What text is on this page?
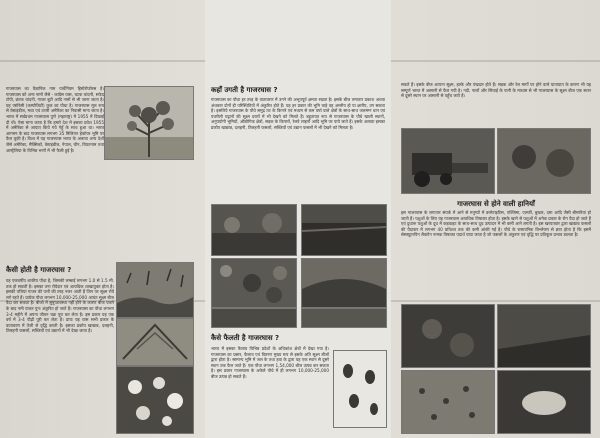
गाजरघास का वैज्ञानिक नाम पार्थेनियम हिस्टेरोफोरस है। गाजरघास को अन्य नामों जैसे - कांग्रेस घास, चटक चांदनी, सफेद टोपी, छंटक चांदनी, गाजर बूटी आदि नामों से भी जाना जाता है। यह एस्टेरेसी (कम्पोजिटी) कुल का पौधा है। गाजरघास मूल रूप से वेस्टइंडीज, मध्य एवं उत्तरी अमेरिका का निवासी माना जाता है। भारत में सर्वप्रथम गाजरघास पुणे (महाराष्ट्र) में 1955 में दिखाई दी थी। ऐसा माना जाता है कि हमारे देश में इसका प्रवेश 1955 में अमेरिका से आयात किये गये गेहूँ के साथ हुआ था। भारत आगमन के बाद गाजरघास लगभग 35 मिलियन हेक्टेयर भूमि पर फैल चुकी है। विश्व में यह गाजरघास भारत के अलावा अन्य देशों जैसे अमेरिका, मैक्सिको, वेस्टइंडीज, नेपाल, चीन, वियतनाम तथा आस्ट्रेलिया के विभिन्न भागों में भी फैली हुई है।

कैसी होती है गाजरघास ?

यह एकवर्षीय शाकीय पौधा है, जिसकी लम्बाई लगभग 1.0 से 1.5 मी. तक हो सकती है। इसका तना रोयेदार एवं अत्यधिक शाखायुक्त होता है। इसकी पत्तियां गाजर की पत्ती की तरह नजर आती हैं जिन पर सूक्ष्म रोयें लगे रहते हैं। प्रत्येक पौधा लगभग 10,000-25,000 अत्यंत सूक्ष्म बीज पैदा कर सकता है। बीजों में सुषुप्तावस्था नहीं होने के कारण बीज पकने के बाद नमी पाकर पुनः अंकुरित हो जाते हैं। गाजरघास का पौधा लगभग 3-4 महीने में अपना जीवन चक्र पूरा कर लेता है। इस प्रकार यह एक वर्ष में 3-4 पीढ़ी पूरी कर लेता है। प्रायः यह घास सभी प्रकार के वातावरण में तेजी से वृद्धि करती है। इसका प्रकोप खाद्यान्न, दलहनी, तिलहनी फसलों, सब्जियों एवं उद्यानों में भी देखा जाता है।

कहाँ उगती है गाजरघास ?

गाजरघास का पौधा हर तरह के वातावरण में उगने की अभूतपूर्व क्षमता रखता है। इसके बीज लगातार प्रकाश अथवा अंधकार दोनों ही परिस्थितियों में अंकुरित होते हैं। यह हर प्रकार की भूमि चाहे वह अम्लीय हो या क्षारीय, उग सकता है। इसलिये गाजरघास के पौधे समुद्र तट के किनारे एवं मध्यम से कम वर्षा वाले क्षेत्रों के साथ-साथ जलमग्न धान एवं पथरीली चट्टानों की सूक्ष्म दरारों में भी देखने को मिलते हैं। बहुतायत रूप से गाजरघास के पौधे खाली स्थानों, अनुपयोगी भूमियों, औद्योगिक क्षेत्रों, सड़क के किनारों, रेलवे लाइनों आदि भूमि पर पाये जाते हैं। इसके अलावा इसका प्रकोप खाद्यान्न, दलहनी, तिलहनी फसलों, सब्जियों एवं उद्यान फसलों में भी देखने को मिलता है।

कैसे फैलती है गाजरघास ?

भारत में इसका फैलाव विभिन्न प्रदेशों के अधिकांश क्षेत्रों में देखा गया है। गाजरघास का प्रसार, फैलाव एवं वितरण मुख्य रूप से इसके अति सूक्ष्म बीजों द्वारा होता है। सामान्य भूमि में जल के तथा हवा के द्वारा यह एक स्थान से दूसरे स्थान तक फैल जाते हैं। एक पौधा लगभग 1,54,000 बीज उत्पन्न कर सकता है। इस प्रकार गाजरघास के अकेले पौधे में ही लगभग 10,000-25,000 बीज उत्पन्न हो सकते हैं।

सकते हैं। इसके बीज अत्यन्त सूक्ष्म, हल्के और पंखदार होते हैं। सड़क और रेल मार्गों पर होने वाले यातायात के कारण भी यह सम्पूर्ण भारत में आसानी से फैल गयी है। नदी, नालों और सिंचाई के पानी के माध्यम से भी गाजरघास के सूक्ष्म बीज एक स्थान से दूसरे स्थान पर आसानी से पहुँच जाते हैं।

गाजरघास से होने वाली हानियाँ

इस गाजरघास के लगातार संपर्क में आने से मनुष्यों में डरमेटाइटिस, एक्जिमा, एलर्जी, बुखार, दमा आदि जैसी बीमारियां हो जाती हैं। पशुओं के लिए यह गाजरघास अत्यधिक विषाक्त होता है। इसके खाने से पशुओं में अनेक प्रकार के रोग पैदा हो जाते हैं एवं दुधारू पशुओं के दूध में कड़वाहट के साथ-साथ दूध उत्पादन में भी कमी आने लगती है। इस खरपतवार द्वारा खाद्यान्न फसलों की पैदावार में लगभग 40 प्रतिशत तक की कमी आंकी गई है। पौधे के रासायनिक विश्लेषण से ज्ञात होता है कि इसमें सेस्क्यूटरपिन लैक्टोन नामक विषाक्त पदार्थ पाया जाता है जो फसलों के अंकुरण एवं वृद्धि पर प्रतिकूल प्रभाव डालता है।
